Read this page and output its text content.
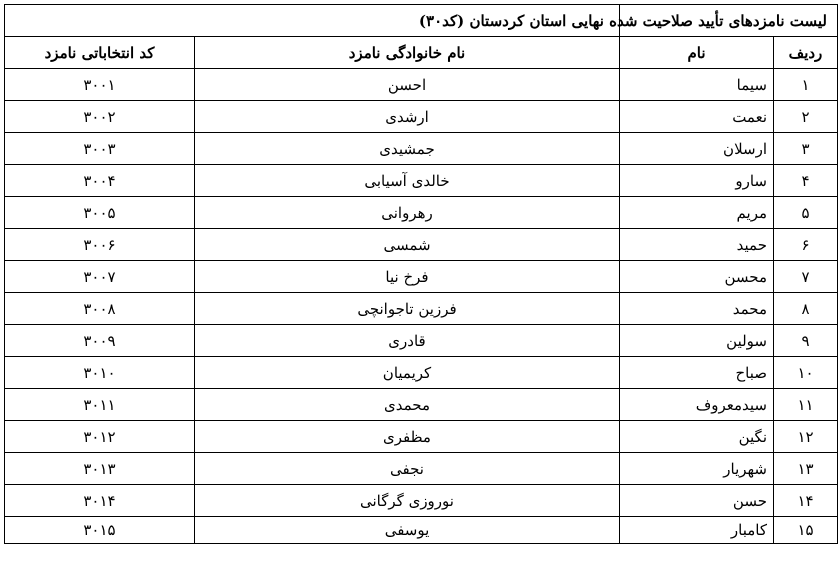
لیست نامزدهای تأیید صلاحیت شده نهایی استان کردستان (کد۳۰)			
ردیف	نام	نام خانوادگی نامزد	کد انتخاباتی نامزد
۱	سیما	احسن	۳۰۰۱
۲	نعمت	ارشدی	۳۰۰۲
۳	ارسلان	جمشیدی	۳۰۰۳
۴	سارو	خالدی آسیابی	۳۰۰۴
۵	مریم	رهروانی	۳۰۰۵
۶	حمید	شمسی	۳۰۰۶
۷	محسن	فرخ نیا	۳۰۰۷
۸	محمد	فرزین تاجوانچی	۳۰۰۸
۹	سولین	قادری	۳۰۰۹
۱۰	صباح	کریمیان	۳۰۱۰
۱۱	سیدمعروف	محمدی	۳۰۱۱
۱۲	نگین	مظفری	۳۰۱۲
۱۳	شهریار	نجفی	۳۰۱۳
۱۴	حسن	نوروزی گرگانی	۳۰۱۴
۱۵	کامبار	یوسفی	۳۰۱۵
